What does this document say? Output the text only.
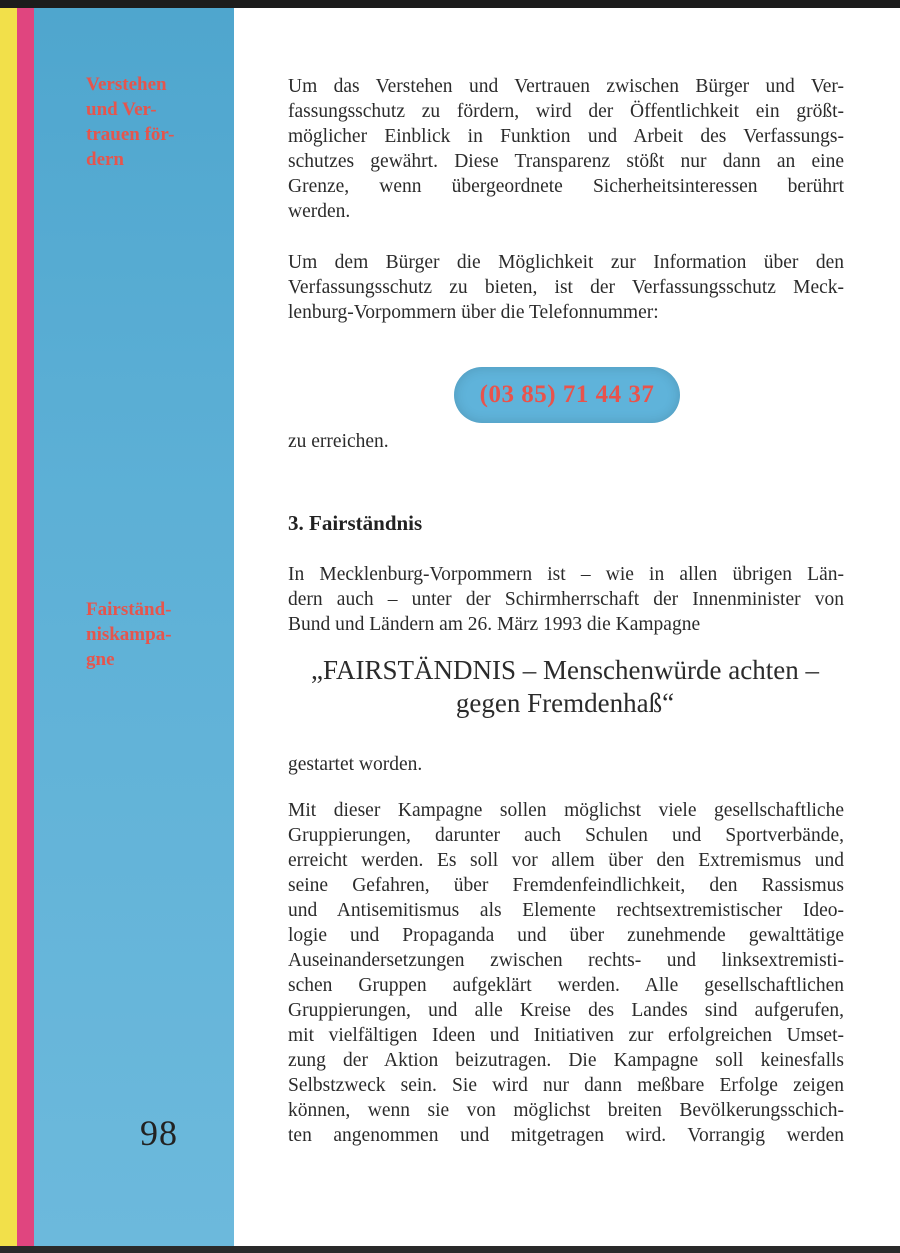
Verstehen
und Ver-
trauen för-
dern
Fairständ-
niskampa-
gne
98
Um das Verstehen und Vertrauen zwischen Bürger und Ver-
fassungsschutz zu fördern, wird der Öffentlichkeit ein größt-
möglicher Einblick in Funktion und Arbeit des Verfassungs-
schutzes gewährt. Diese Transparenz stößt nur dann an eine
Grenze, wenn übergeordnete Sicherheitsinteressen berührt
werden.
Um dem Bürger die Möglichkeit zur Information über den
Verfassungsschutz zu bieten, ist der Verfassungsschutz Meck-
lenburg-Vorpommern über die Telefonnummer:
(03 85) 71 44 37
zu erreichen.
3. Fairständnis
In Mecklenburg-Vorpommern ist – wie in allen übrigen Län-
dern auch – unter der Schirmherrschaft der Innenminister von
Bund und Ländern am 26. März 1993 die Kampagne
„FAIRSTÄNDNIS – Menschenwürde achten –
gegen Fremdenhaß“
gestartet worden.
Mit dieser Kampagne sollen möglichst viele gesellschaftliche
Gruppierungen, darunter auch Schulen und Sportverbände,
erreicht werden. Es soll vor allem über den Extremismus und
seine Gefahren, über Fremdenfeindlichkeit, den Rassismus
und Antisemitismus als Elemente rechtsextremistischer Ideo-
logie und Propaganda und über zunehmende gewalttätige
Auseinandersetzungen zwischen rechts- und linksextremisti-
schen Gruppen aufgeklärt werden. Alle gesellschaftlichen
Gruppierungen, und alle Kreise des Landes sind aufgerufen,
mit vielfältigen Ideen und Initiativen zur erfolgreichen Umset-
zung der Aktion beizutragen. Die Kampagne soll keinesfalls
Selbstzweck sein. Sie wird nur dann meßbare Erfolge zeigen
können, wenn sie von möglichst breiten Bevölkerungsschich-
ten angenommen und mitgetragen wird. Vorrangig werden
